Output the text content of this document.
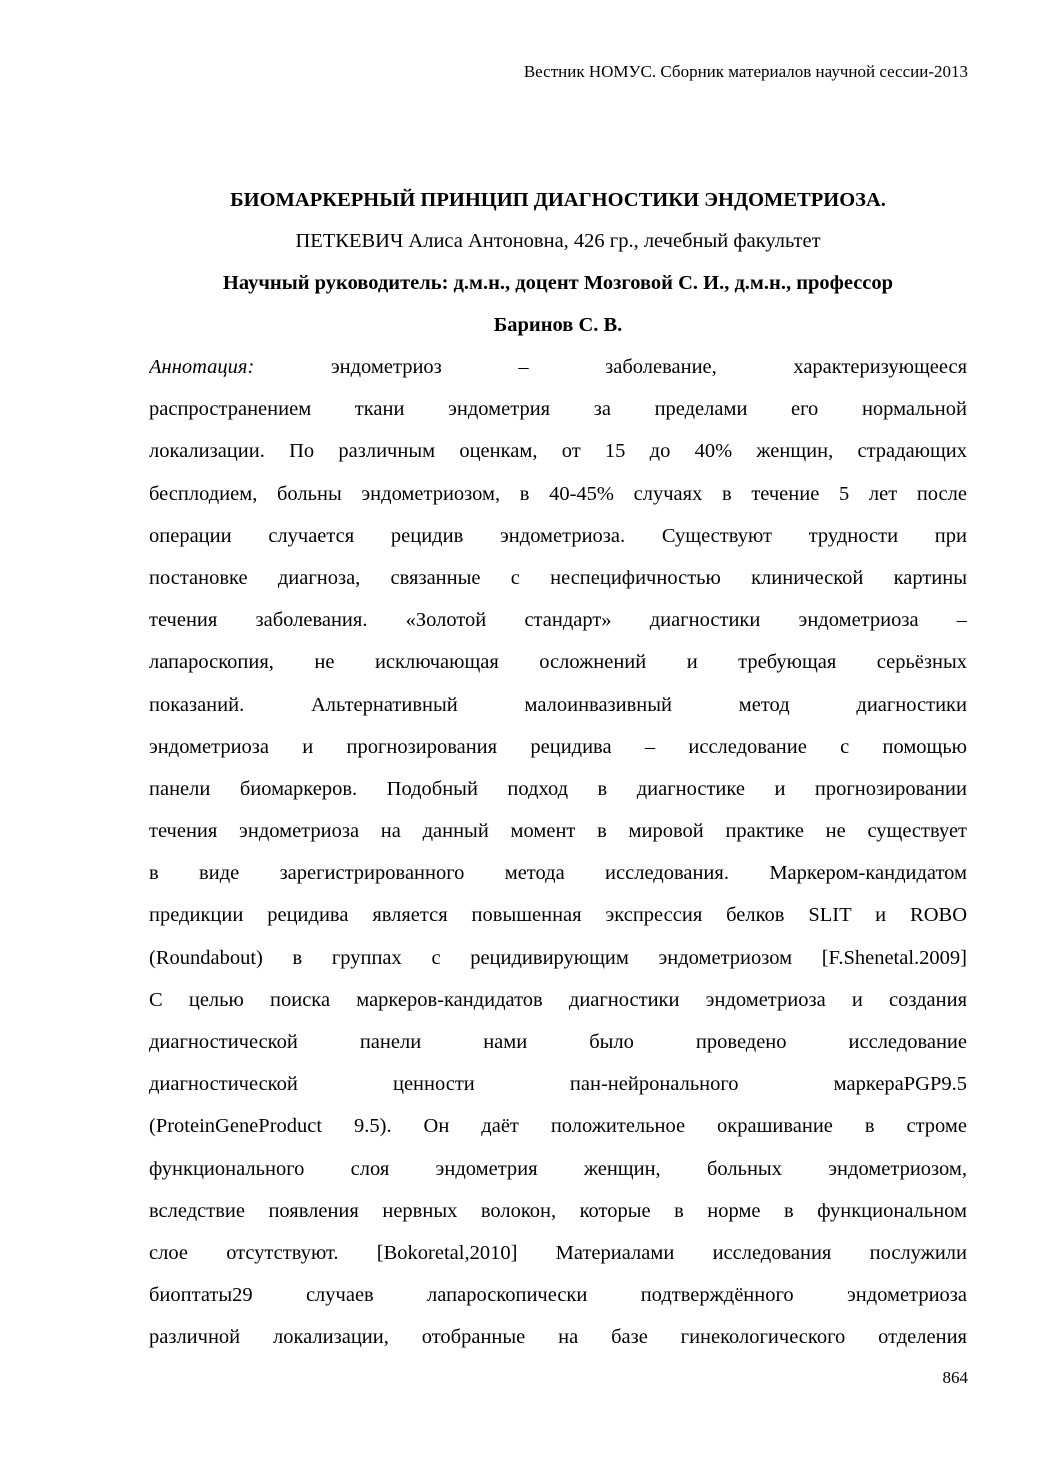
Вестник НОМУС. Сборник материалов научной сессии-2013
БИОМАРКЕРНЫЙ ПРИНЦИП ДИАГНОСТИКИ ЭНДОМЕТРИОЗА.
ПЕТКЕВИЧ Алиса Антоновна, 426 гр., лечебный факультет
Научный руководитель: д.м.н., доцент Мозговой С. И., д.м.н., профессор
Баринов С. В.
Аннотация:	эндометриоз – заболевание, характеризующееся
распространением ткани эндометрия за пределами его нормальной
локализации. По различным оценкам, от 15 до 40% женщин, страдающих
бесплодием, больны эндометриозом, в 40-45% случаях в течение 5 лет после
операции случается рецидив эндометриоза. Существуют трудности при
постановке диагноза, связанные с неспецифичностью клинической картины
течения заболевания. «Золотой стандарт» диагностики эндометриоза –
лапароскопия, не исключающая осложнений и требующая серьёзных
показаний. Альтернативный малоинвазивный метод диагностики
эндометриоза и прогнозирования рецидива – исследование с помощью
панели биомаркеров. Подобный подход в диагностике и прогнозировании
течения эндометриоза на данный момент в мировой практике не существует
в виде зарегистрированного метода исследования. Маркером-кандидатом
предикции рецидива является повышенная экспрессия белков SLIT и ROBO
(Roundabout) в группах с рецидивирующим эндометриозом [F.Shenetal.2009]
С целью поиска маркеров-кандидатов диагностики эндометриоза и создания
диагностической панели нами было проведено исследование
диагностической ценности пан-нейронального маркераPGP9.5
(ProteinGeneProduct 9.5). Он даёт положительное окрашивание в строме
функционального слоя эндометрия женщин, больных эндометриозом,
вследствие появления нервных волокон, которые в норме в функциональном
слое отсутствуют. [Bokoretal,2010] Материалами исследования послужили
биоптаты29 случаев лапароскопически подтверждённого эндометриоза
различной локализации, отобранные на базе гинекологического отделения
864
